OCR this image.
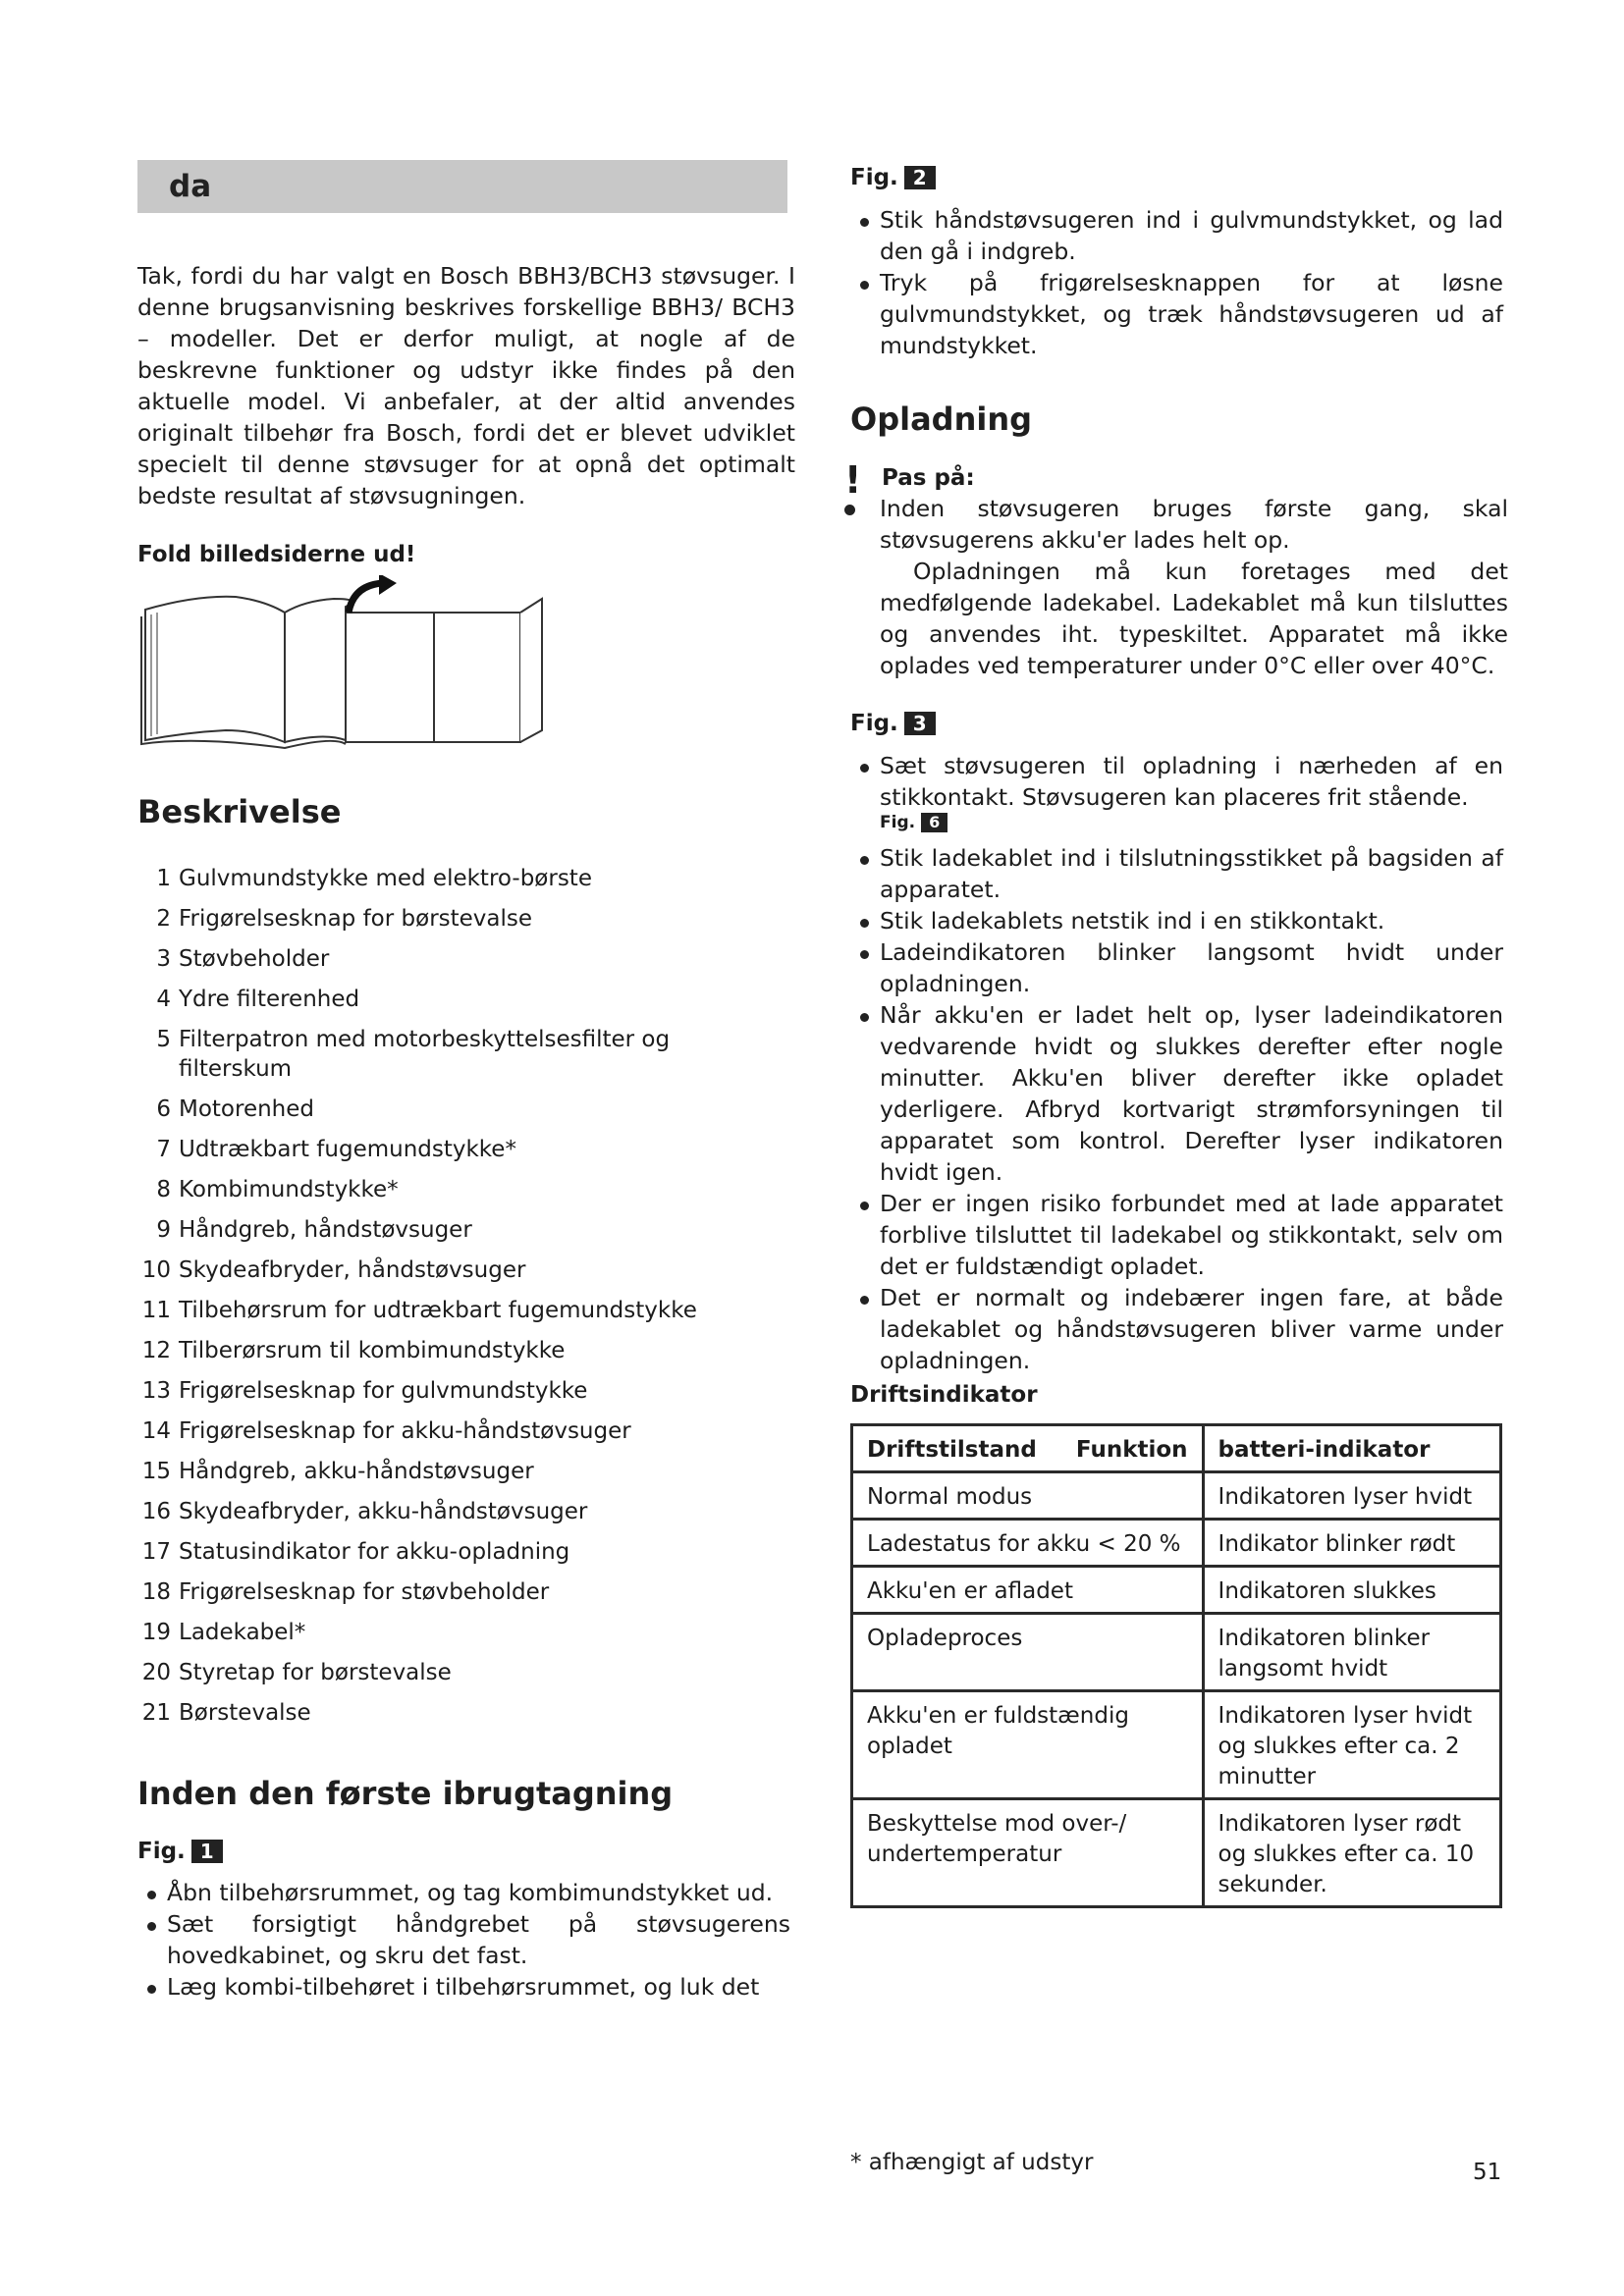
da
Tak, fordi du har valgt en Bosch BBH3/BCH3 støvsuger. I denne brugsanvisning beskrives forskellige BBH3/ BCH3 – modeller. Det er derfor muligt, at nogle af de beskrevne funktioner og udstyr ikke findes på den aktuelle model. Vi anbefaler, at der altid anvendes originalt tilbehør fra Bosch, fordi det er blevet udviklet specielt til denne støvsuger for at opnå det optimalt bedste resultat af støvsugningen.
Fold billedsiderne ud!
Beskrivelse
1 Gulvmundstykke med elektro-børste
2 Frigørelsesknap for børstevalse
3 Støvbeholder
4 Ydre filterenhed
5 Filterpatron med motorbeskyttelsesfilter og filterskum
6 Motorenhed
7 Udtrækbart fugemundstykke*
8 Kombimundstykke*
9 Håndgreb, håndstøvsuger
10 Skydeafbryder, håndstøvsuger
11 Tilbehørsrum for udtrækbart fugemundstykke
12 Tilberørsrum til kombimundstykke
13 Frigørelsesknap for gulvmundstykke
14 Frigørelsesknap for akku-håndstøvsuger
15 Håndgreb, akku-håndstøvsuger
16 Skydeafbryder, akku-håndstøvsuger
17 Statusindikator for akku-opladning
18 Frigørelsesknap for støvbeholder
19 Ladekabel*
20 Styretap for børstevalse
21 Børstevalse
Inden den første ibrugtagning
Fig. 1
Åbn tilbehørsrummet, og tag kombimundstykket ud.
Sæt forsigtigt håndgrebet på støvsugerens hovedkabinet, og skru det fast.
Læg kombi-tilbehøret i tilbehørsrummet, og luk det
Fig. 2
Stik håndstøvsugeren ind i gulvmundstykket, og lad den gå i indgreb.
Tryk på frigørelsesknappen for at løsne gulvmundstykket, og træk håndstøvsugeren ud af mundstykket.
Opladning
! Pas på:
Inden støvsugeren bruges første gang, skal støvsugerens akku'er lades helt op.
Opladningen må kun foretages med det medfølgende ladekabel. Ladekablet må kun tilsluttes og anvendes iht. typeskiltet. Apparatet må ikke oplades ved temperaturer under 0°C eller over 40°C.
Fig. 3
Sæt støvsugeren til opladning i nærheden af en stikkontakt. Støvsugeren kan placeres frit stående.
Fig. 6
Stik ladekablet ind i tilslutningsstikket på bagsiden af apparatet.
Stik ladekablets netstik ind i en stikkontakt.
Ladeindikatoren blinker langsomt hvidt under opladningen.
Når akku'en er ladet helt op, lyser ladeindikatoren vedvarende hvidt og slukkes derefter efter nogle minutter. Akku'en bliver derefter ikke opladet yderligere. Afbryd kortvarigt strømforsyningen til apparatet som kontrol. Derefter lyser indikatoren hvidt igen.
Der er ingen risiko forbundet med at lade apparatet forblive tilsluttet til ladekabel og stikkontakt, selv om det er fuldstændigt opladet.
Det er normalt og indebærer ingen fare, at både ladekablet og håndstøvsugeren bliver varme under opladningen.
Driftsindikator
Driftstilstand Funktion	batteri-indikator
Normal modus	Indikatoren lyser hvidt
Ladestatus for akku < 20 %	Indikator blinker rødt
Akku'en er afladet	Indikatoren slukkes
Opladeproces	Indikatoren blinker langsomt hvidt
Akku'en er fuldstændig opladet	Indikatoren lyser hvidt og slukkes efter ca. 2 minutter
Beskyttelse mod over-/ undertemperatur	Indikatoren lyser rødt og slukkes efter ca. 10 sekunder.
* afhængigt af udstyr	51
